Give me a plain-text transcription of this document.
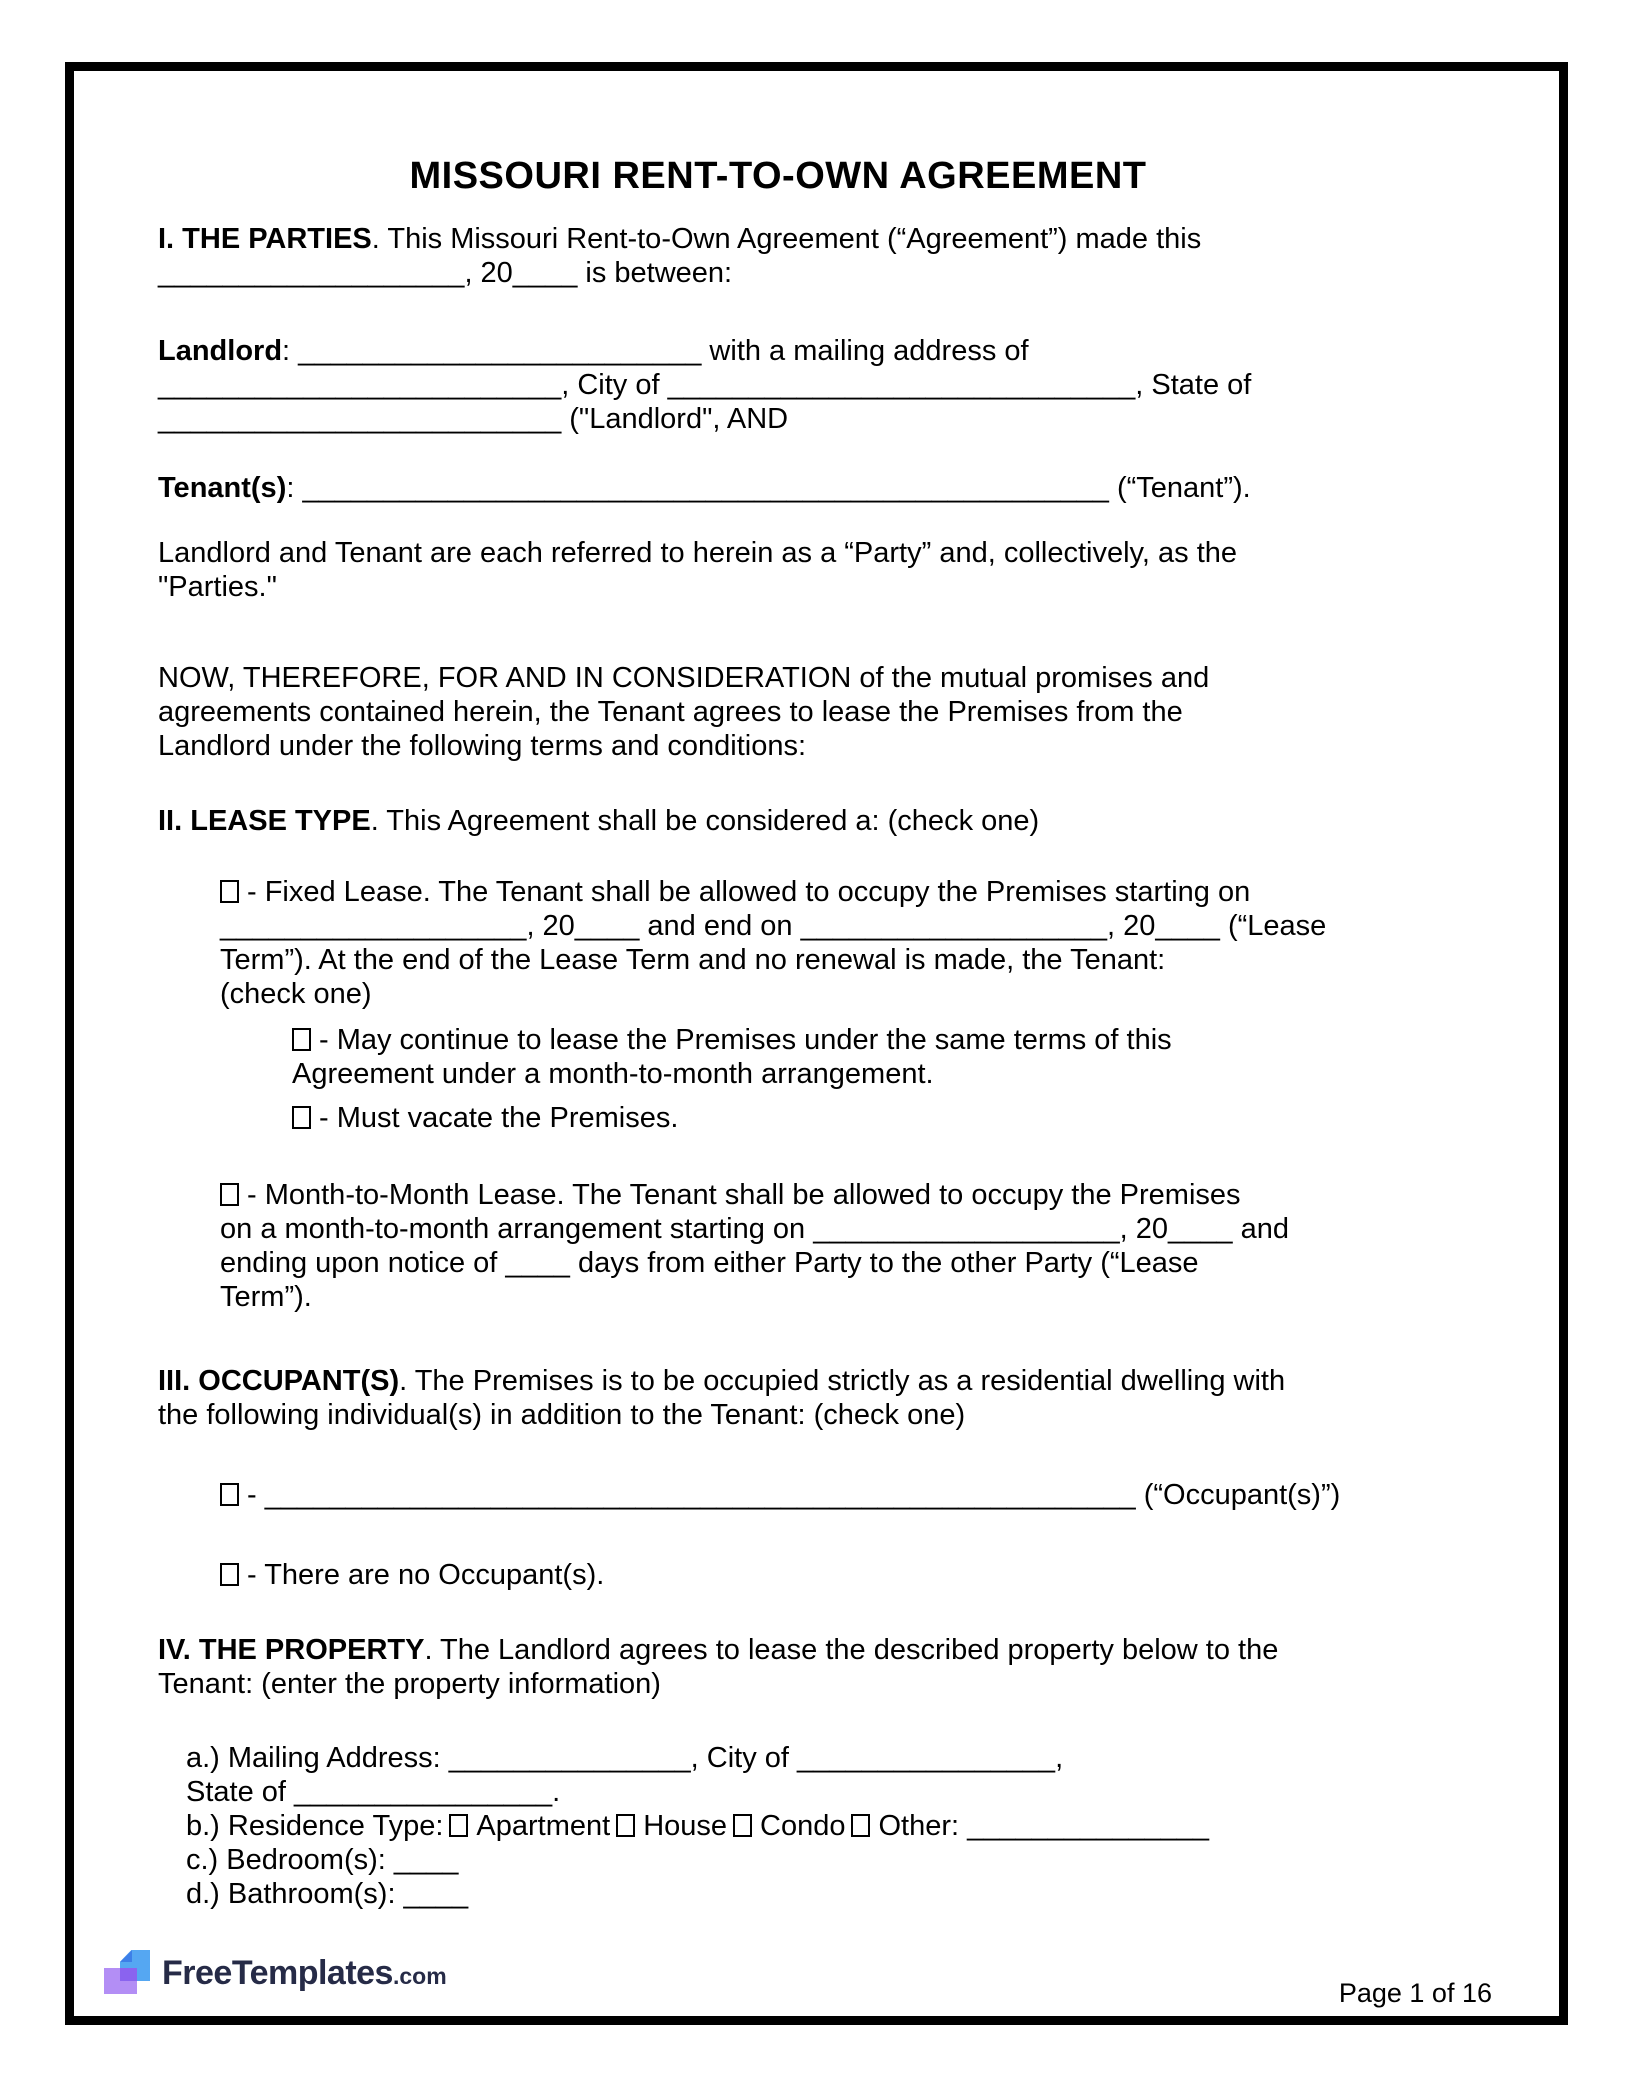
MISSOURI RENT-TO-OWN AGREEMENT
I. THE PARTIES. This Missouri Rent-to-Own Agreement (“Agreement”) made this
___________________, 20____ is between:
Landlord: _________________________ with a mailing address of
_________________________, City of _____________________________, State of
_________________________ ("Landlord", AND
Tenant(s): __________________________________________________ (“Tenant”).
Landlord and Tenant are each referred to herein as a “Party” and, collectively, as the
"Parties."
NOW, THEREFORE, FOR AND IN CONSIDERATION of the mutual promises and
agreements contained herein, the Tenant agrees to lease the Premises from the
Landlord under the following terms and conditions:
II. LEASE TYPE. This Agreement shall be considered a: (check one)
- Fixed Lease. The Tenant shall be allowed to occupy the Premises starting on
___________________, 20____ and end on ___________________, 20____ (“Lease
Term”). At the end of the Lease Term and no renewal is made, the Tenant:
(check one)
- May continue to lease the Premises under the same terms of this
Agreement under a month-to-month arrangement.
- Must vacate the Premises.
- Month-to-Month Lease. The Tenant shall be allowed to occupy the Premises
on a month-to-month arrangement starting on ___________________, 20____ and
ending upon notice of ____ days from either Party to the other Party (“Lease
Term”).
III. OCCUPANT(S). The Premises is to be occupied strictly as a residential dwelling with
the following individual(s) in addition to the Tenant: (check one)
- ______________________________________________________ (“Occupant(s)”)
- There are no Occupant(s).
IV. THE PROPERTY. The Landlord agrees to lease the described property below to the
Tenant: (enter the property information)
a.) Mailing Address: _______________, City of ________________,
State of ________________.
b.) Residence Type: Apartment House Condo Other: _______________
c.) Bedroom(s): ____
d.) Bathroom(s): ____
FreeTemplates.com
Page 1 of 16
